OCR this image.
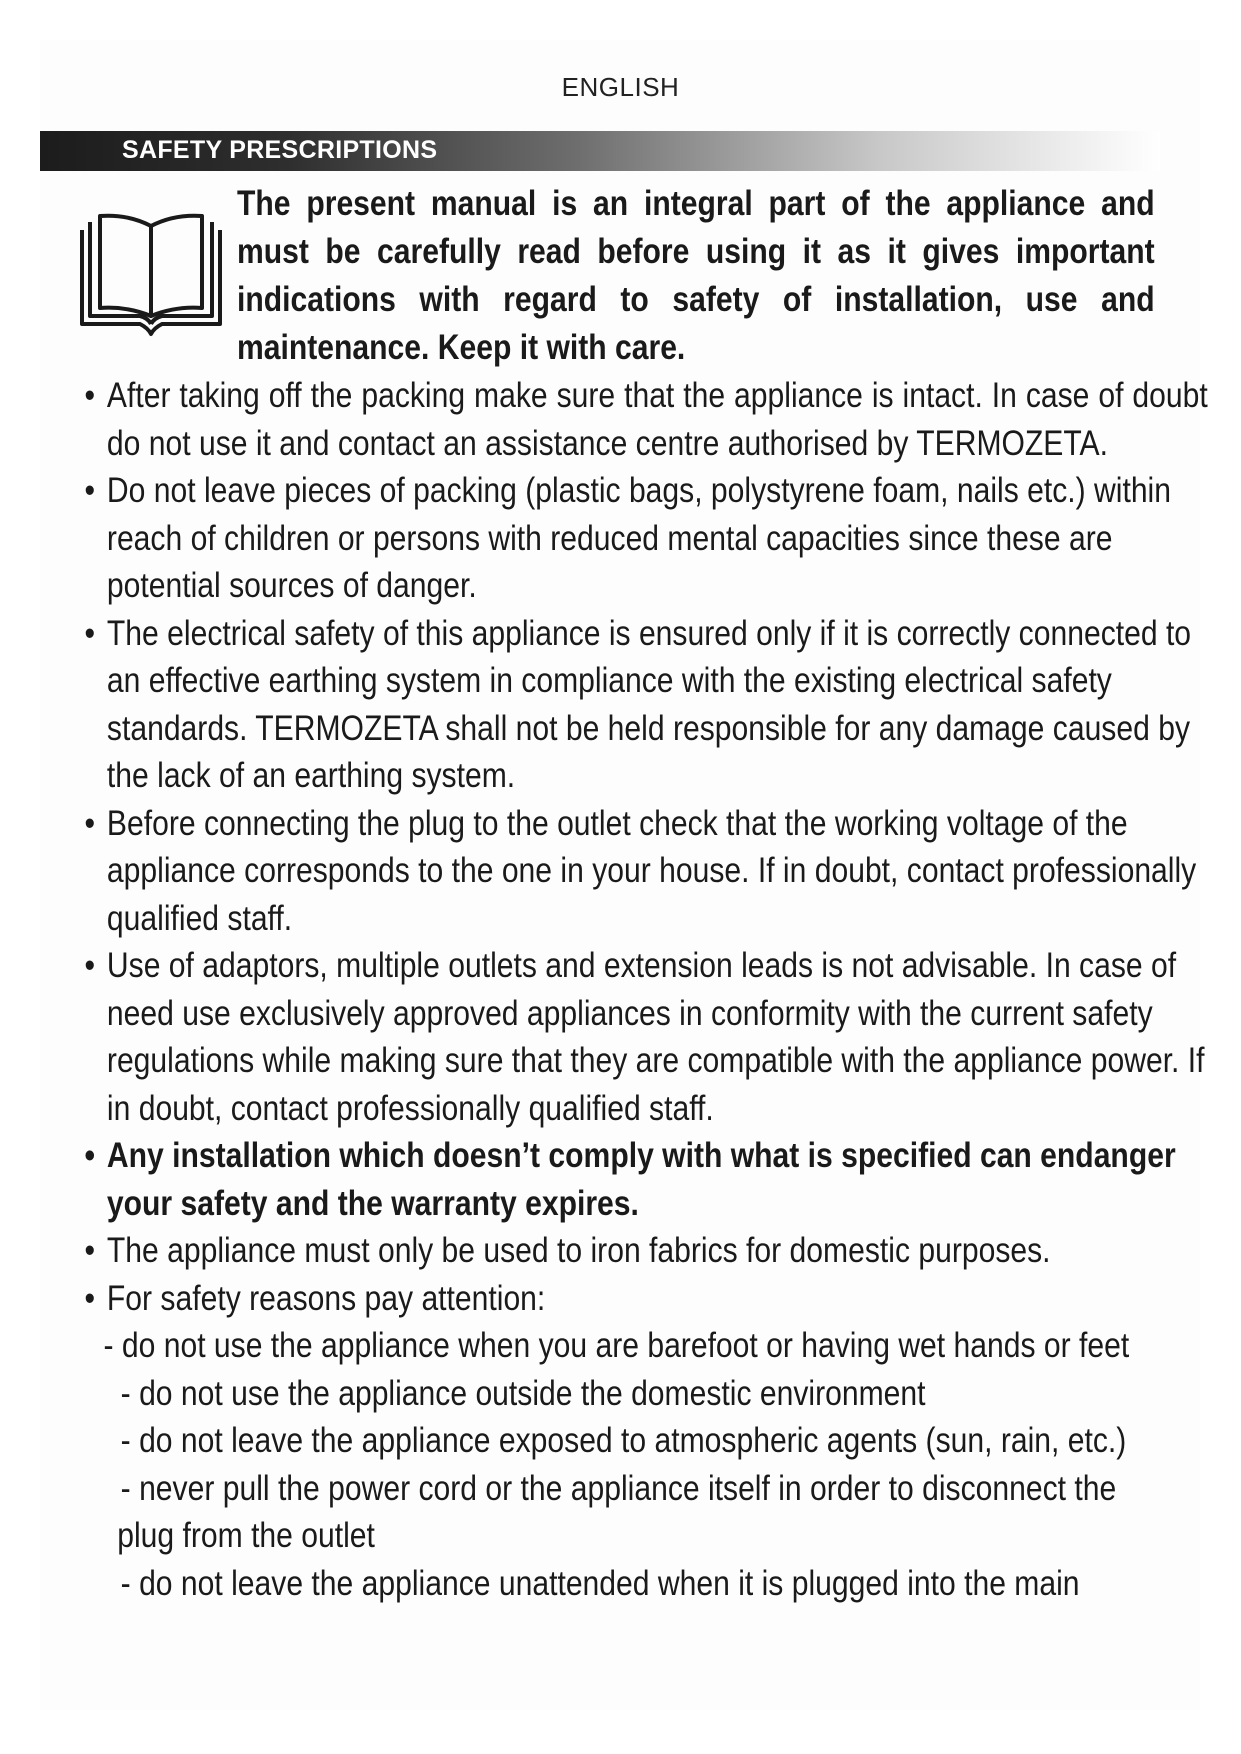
ENGLISH
SAFETY PRESCRIPTIONS
The present manual is an integral part of the appliance and must be carefully read before using it as it gives important indications with regard to safety of installation, use and maintenance. Keep it with care.
• After taking off the packing make sure that the appliance is intact. In case of doubt do not use it and contact an assistance centre authorised by TERMOZETA.

• Do not leave pieces of packing (plastic bags, polystyrene foam, nails etc.) within reach of children or persons with reduced mental capacities since these are potential sources of danger.

• The electrical safety of this appliance is ensured only if it is correctly connected to an effective earthing system in compliance with the existing electrical safety standards. TERMOZETA shall not be held responsible for any damage caused by the lack of an earthing system.

• Before connecting the plug to the outlet check that the working voltage of the appliance corresponds to the one in your house. If in doubt, contact professionally qualified staff.

• Use of adaptors, multiple outlets and extension leads is not advisable. In case of need use exclusively approved appliances in conformity with the current safety regulations while making sure that they are compatible with the appliance power. If in doubt, contact professionally qualified staff.

• Any installation which doesn’t comply with what is specified can endanger your safety and the warranty expires.

• The appliance must only be used to iron fabrics for domestic purposes.

• For safety reasons pay attention:

- do not use the appliance when you are barefoot or having wet hands or feet
- do not use the appliance outside the domestic environment
- do not leave the appliance exposed to atmospheric agents (sun, rain, etc.)
- never pull the power cord or the appliance itself in order to disconnect the
plug from the outlet
- do not leave the appliance unattended when it is plugged into the main
